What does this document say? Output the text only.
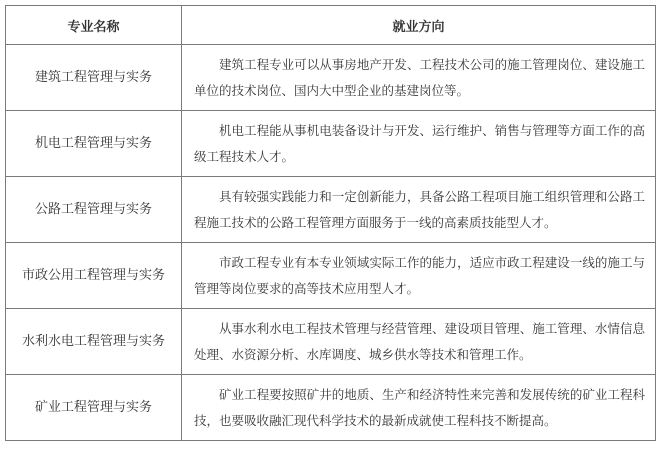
专业名称	就业方向
建筑工程管理与实务	建筑工程专业可以从事房地产开发、工程技术公司的施工管理岗位、建设施工单位的技术岗位、国内大中型企业的基建岗位等。
机电工程管理与实务	机电工程能从事机电装备设计与开发、运行维护、销售与管理等方面工作的高级工程技术人才。
公路工程管理与实务	具有较强实践能力和一定创新能力，具备公路工程项目施工组织管理和公路工程施工技术的公路工程管理方面服务于一线的高素质技能型人才。
市政公用工程管理与实务	市政工程专业有本专业领域实际工作的能力，适应市政工程建设一线的施工与管理等岗位要求的高等技术应用型人才。
水利水电工程管理与实务	从事水利水电工程技术管理与经营管理、建设项目管理、施工管理、水情信息处理、水资源分析、水库调度、城乡供水等技术和管理工作。
矿业工程管理与实务	矿业工程要按照矿井的地质、生产和经济特性来完善和发展传统的矿业工程科技，也要吸收融汇现代科学技术的最新成就使工程科技不断提高。
